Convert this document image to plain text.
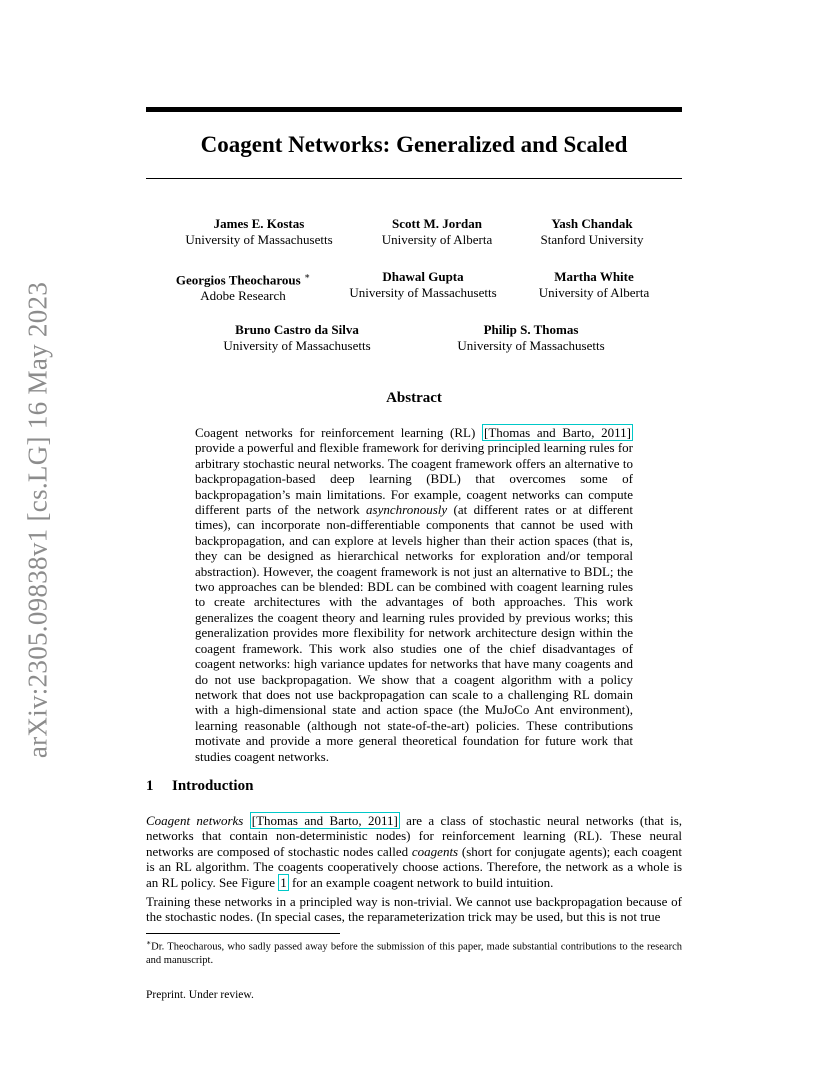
arXiv:2305.09838v1 [cs.LG] 16 May 2023
Coagent Networks: Generalized and Scaled
James E. Kostas
University of Massachusetts
Scott M. Jordan
University of Alberta
Yash Chandak
Stanford University
Georgios Theocharous ∗
Adobe Research
Dhawal Gupta
University of Massachusetts
Martha White
University of Alberta
Bruno Castro da Silva
University of Massachusetts
Philip S. Thomas
University of Massachusetts
Abstract

Coagent networks for reinforcement learning (RL) [Thomas and Barto, 2011] provide a powerful and flexible framework for deriving principled learning rules for arbitrary stochastic neural networks. The coagent framework offers an alternative to backpropagation-based deep learning (BDL) that overcomes some of backpropagation’s main limitations. For example, coagent networks can compute different parts of the network asynchronously (at different rates or at different times), can incorporate non-differentiable components that cannot be used with backpropagation, and can explore at levels higher than their action spaces (that is, they can be designed as hierarchical networks for exploration and/or temporal abstraction). However, the coagent framework is not just an alternative to BDL; the two approaches can be blended: BDL can be combined with coagent learning rules to create architectures with the advantages of both approaches. This work generalizes the coagent theory and learning rules provided by previous works; this generalization provides more flexibility for network architecture design within the coagent framework. This work also studies one of the chief disadvantages of coagent networks: high variance updates for networks that have many coagents and do not use backpropagation. We show that a coagent algorithm with a policy network that does not use backpropagation can scale to a challenging RL domain with a high-dimensional state and action space (the MuJoCo Ant environment), learning reasonable (although not state-of-the-art) policies. These contributions motivate and provide a more general theoretical foundation for future work that studies coagent networks.

1 Introduction

Coagent networks [Thomas and Barto, 2011] are a class of stochastic neural networks (that is, networks that contain non-deterministic nodes) for reinforcement learning (RL). These neural networks are composed of stochastic nodes called coagents (short for conjugate agents); each coagent is an RL algorithm. The coagents cooperatively choose actions. Therefore, the network as a whole is an RL policy. See Figure 1 for an example coagent network to build intuition.

Training these networks in a principled way is non-trivial. We cannot use backpropagation because of the stochastic nodes. (In special cases, the reparameterization trick may be used, but this is not true

∗Dr. Theocharous, who sadly passed away before the submission of this paper, made substantial contributions to the research and manuscript.

Preprint. Under review.
